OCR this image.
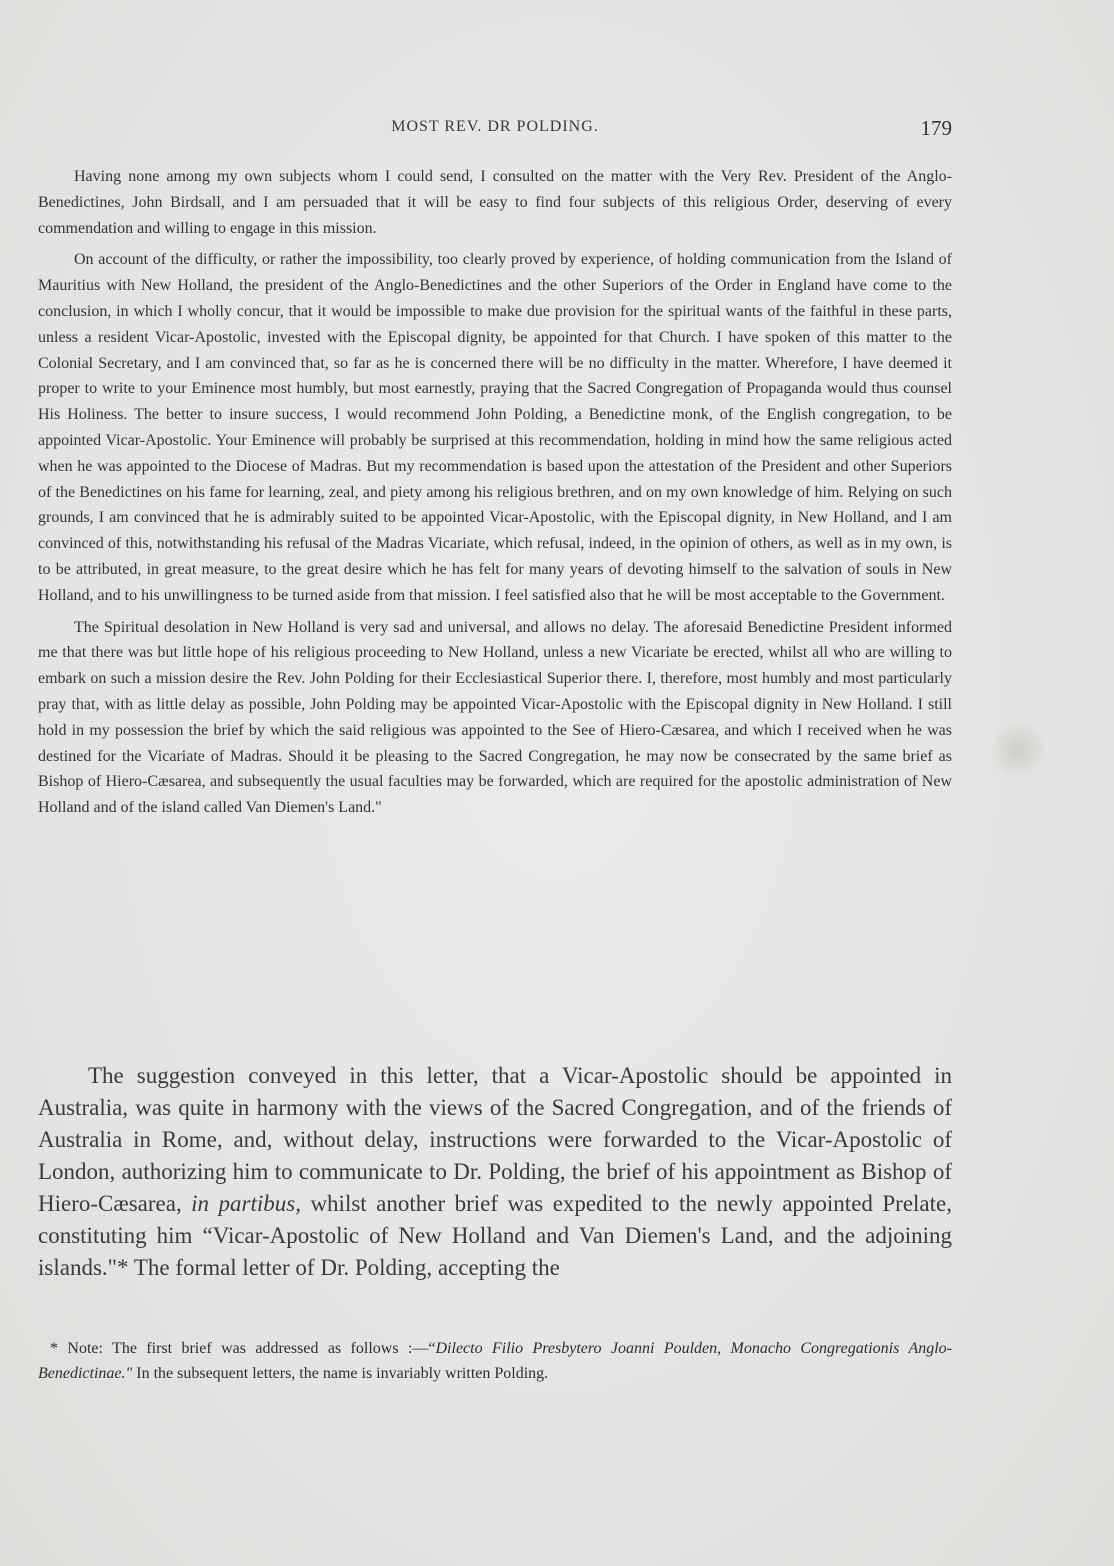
MOST REV. DR POLDING.	179

Having none among my own subjects whom I could send, I consulted on the matter with the Very Rev. President of the Anglo-Benedictines, John Birdsall, and I am persuaded that it will be easy to find four subjects of this religious Order, deserving of every commendation and willing to engage in this mission.

On account of the difficulty, or rather the impossibility, too clearly proved by experience, of holding communication from the Island of Mauritius with New Holland, the president of the Anglo-Benedictines and the other Superiors of the Order in England have come to the conclusion, in which I wholly concur, that it would be impossible to make due provision for the spiritual wants of the faithful in these parts, unless a resident Vicar-Apostolic, invested with the Episcopal dignity, be appointed for that Church. I have spoken of this matter to the Colonial Secretary, and I am convinced that, so far as he is concerned there will be no difficulty in the matter. Wherefore, I have deemed it proper to write to your Eminence most humbly, but most earnestly, praying that the Sacred Congregation of Propaganda would thus counsel His Holiness. The better to insure success, I would recommend John Polding, a Benedictine monk, of the English congregation, to be appointed Vicar-Apostolic. Your Eminence will probably be surprised at this recommendation, holding in mind how the same religious acted when he was appointed to the Diocese of Madras. But my recommendation is based upon the attestation of the President and other Superiors of the Benedictines on his fame for learning, zeal, and piety among his religious brethren, and on my own knowledge of him. Relying on such grounds, I am convinced that he is admirably suited to be appointed Vicar-Apostolic, with the Episcopal dignity, in New Holland, and I am convinced of this, notwithstanding his refusal of the Madras Vicariate, which refusal, indeed, in the opinion of others, as well as in my own, is to be attributed, in great measure, to the great desire which he has felt for many years of devoting himself to the salvation of souls in New Holland, and to his unwillingness to be turned aside from that mission. I feel satisfied also that he will be most acceptable to the Government.

The Spiritual desolation in New Holland is very sad and universal, and allows no delay. The aforesaid Benedictine President informed me that there was but little hope of his religious proceeding to New Holland, unless a new Vicariate be erected, whilst all who are willing to embark on such a mission desire the Rev. John Polding for their Ecclesiastical Superior there. I, therefore, most humbly and most particularly pray that, with as little delay as possible, John Polding may be appointed Vicar-Apostolic with the Episcopal dignity in New Holland. I still hold in my possession the brief by which the said religious was appointed to the See of Hiero-Cæsarea, and which I received when he was destined for the Vicariate of Madras. Should it be pleasing to the Sacred Congregation, he may now be consecrated by the same brief as Bishop of Hiero-Cæsarea, and subsequently the usual faculties may be forwarded, which are required for the apostolic administration of New Holland and of the island called Van Diemen's Land."

The suggestion conveyed in this letter, that a Vicar-Apostolic should be appointed in Australia, was quite in harmony with the views of the Sacred Congregation, and of the friends of Australia in Rome, and, without delay, instructions were forwarded to the Vicar-Apostolic of London, authorizing him to communicate to Dr. Polding, the brief of his appointment as Bishop of Hiero-Cæsarea, in partibus, whilst another brief was expedited to the newly appointed Prelate, constituting him “Vicar-Apostolic of New Holland and Van Diemen's Land, and the adjoining islands."* The formal letter of Dr. Polding, accepting the

* Note: The first brief was addressed as follows :—“Dilecto Filio Presbytero Joanni Poulden, Monacho Congregationis Anglo-Benedictinae." In the subsequent letters, the name is invariably written Polding.
